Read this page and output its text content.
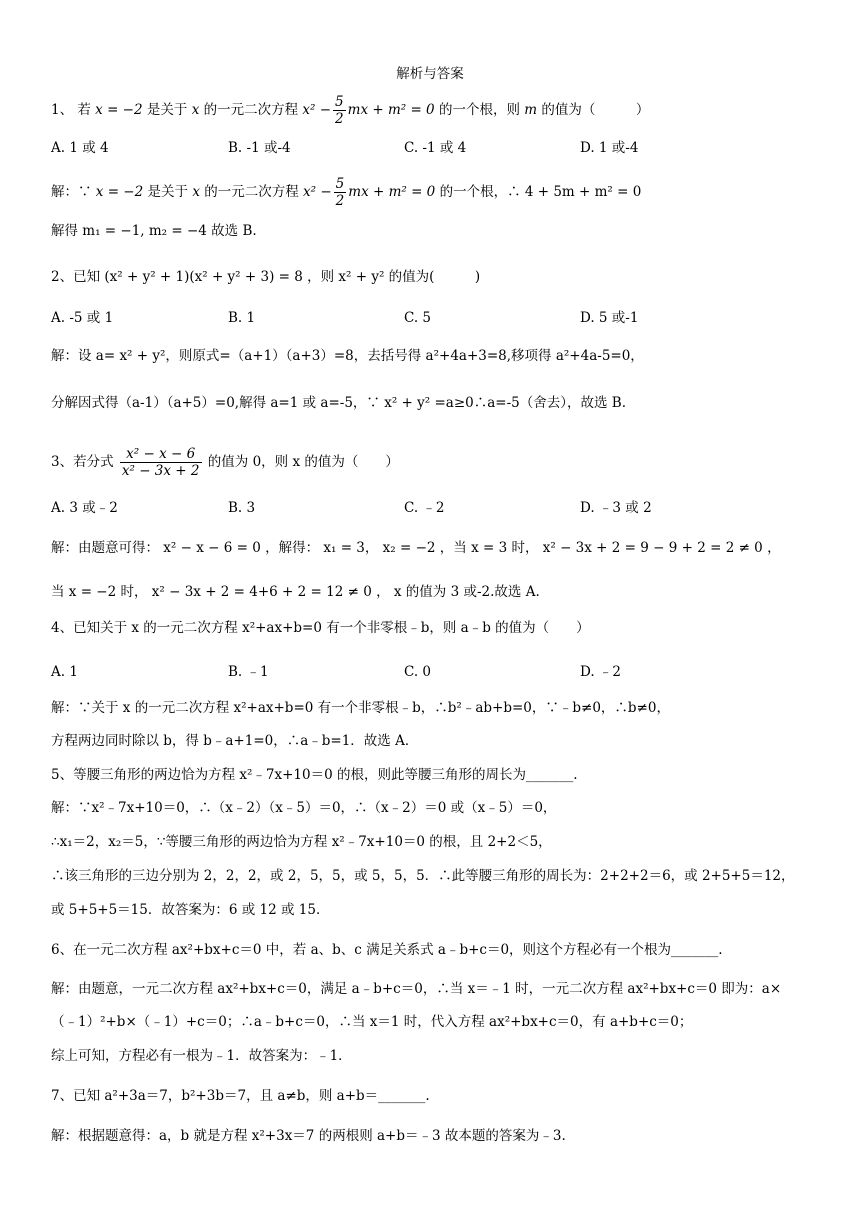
解析与答案
1、 若 x = −2 是关于 x 的一元二次方程 $x^2 - \frac{5}{2}$ mx + m² = 0 的一个根，则 m 的值为（　　　）
A. 1 或 4	B. -1 或-4	C. -1 或 4	D. 1 或-4
解：∵ x = −2 是关于 x 的一元二次方程 $x^2 - \frac{5}{2}$ mx + m² = 0 的一个根，∴ 4 + 5m + m² = 0
解得 m₁ = −1, m₂ = −4 故选 B.
2、已知 (x² + y² + 1)(x² + y² + 3) = 8 ，则 x² + y² 的值为(　　　)
A. -5 或 1	B. 1	C. 5	D. 5 或-1
解：设 a= x² + y²，则原式=（a+1）（a+3）=8，去括号得 a²+4a+3=8,移项得 a²+4a-5=0，
分解因式得（a-1）（a+5）=0,解得 a=1 或 a=-5，∵ x² + y² =a≥0∴a=-5（舍去），故选 B.
3、若分式 $\frac{\text{x² − x − 6}}{\text{x² − 3x + 2}}$ 的值为 0，则 x 的值为（　　）
A. 3 或﹣2	B. 3	C. ﹣2	D. ﹣3 或 2
解：由题意可得： x² − x − 6 = 0 ，解得： x₁ = 3， x₂ = −2 ，当 x = 3 时， x² − 3x + 2 = 9 − 9 + 2 = 2 ≠ 0 ，
当 x = −2 时， x² − 3x + 2 = 4+6 + 2 = 12 ≠ 0 ， x 的值为 3 或-2.故选 A.
4、已知关于 x 的一元二次方程 x²+ax+b=0 有一个非零根﹣b，则 a﹣b 的值为（　　）
A. 1	B. ﹣1	C. 0	D. ﹣2
解：∵关于 x 的一元二次方程 x²+ax+b=0 有一个非零根﹣b，∴b²﹣ab+b=0，∵﹣b≠0，∴b≠0，
方程两边同时除以 b，得 b﹣a+1=0，∴a﹣b=1．故选 A．
5、等腰三角形的两边恰为方程 x²﹣7x+10＝0 的根，则此等腰三角形的周长为_______.
解：∵x²﹣7x+10＝0，∴（x﹣2）（x﹣5）＝0，∴（x﹣2）＝0 或（x﹣5）＝0，
∴x₁＝2，x₂＝5，∵等腰三角形的两边恰为方程 x²﹣7x+10＝0 的根，且 2+2＜5，
∴该三角形的三边分别为 2，2，2，或 2，5，5，或 5，5，5．∴此等腰三角形的周长为：2+2+2＝6，或 2+5+5＝12，
或 5+5+5＝15．故答案为：6 或 12 或 15．
6、在一元二次方程 ax²+bx+c＝0 中，若 a、b、c 满足关系式 a﹣b+c＝0，则这个方程必有一个根为_______.
解：由题意，一元二次方程 ax²+bx+c＝0，满足 a﹣b+c＝0，∴当 x＝﹣1 时，一元二次方程 ax²+bx+c＝0 即为：a×
（﹣1）²+b×（﹣1）+c＝0；∴a﹣b+c＝0，∴当 x＝1 时，代入方程 ax²+bx+c＝0，有 a+b+c＝0；
综上可知，方程必有一根为﹣1．故答案为：﹣1．
7、已知 a²+3a＝7，b²+3b＝7，且 a≠b，则 a+b＝_______.
解：根据题意得：a，b 就是方程 x²+3x＝7 的两根则 a+b＝﹣3 故本题的答案为﹣3.
